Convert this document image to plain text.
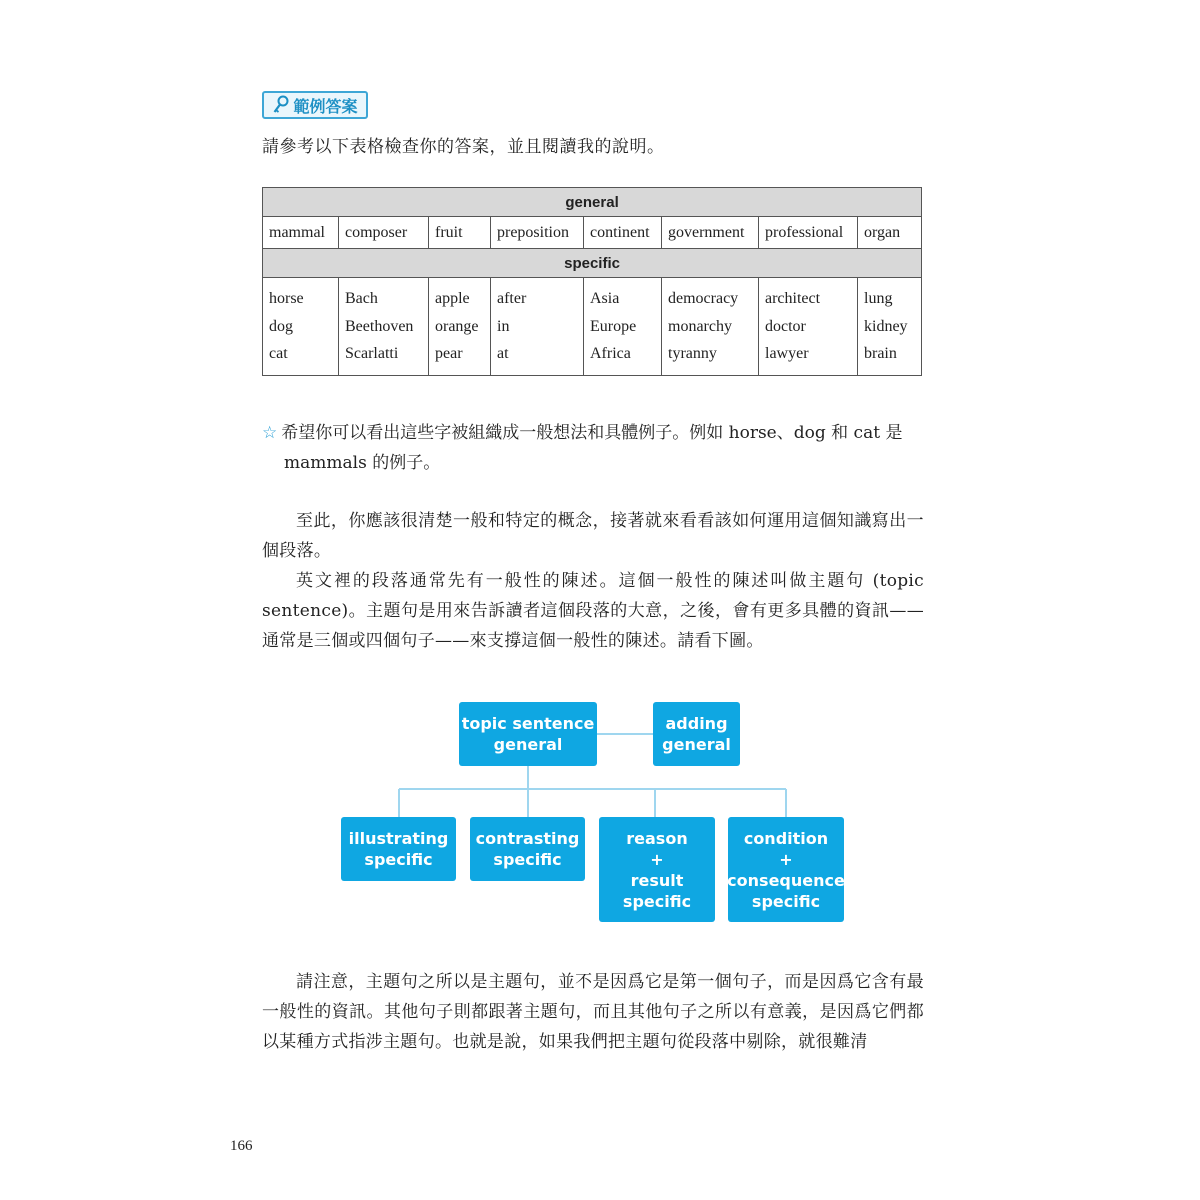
範例答案
請參考以下表格檢查你的答案，並且閱讀我的說明。
general							
mammal	composer	fruit	preposition	continent	government	professional	organ
specific							

horse
dog
cat	Bach
Beethoven
Scarlatti	apple
orange
pear	after
in
at	Asia
Europe
Africa	democracy
monarchy
tyranny	architect
doctor
lawyer	lung
kidney
brain
☆ 希望你可以看出這些字被組織成一般想法和具體例子。例如 horse、dog 和 cat 是
mammals 的例子。

至此，你應該很清楚一般和特定的概念，接著就來看看該如何運用這個知識寫出一個段落。

英文裡的段落通常先有一般性的陳述。這個一般性的陳述叫做主題句 (topic sentence)。主題句是用來告訴讀者這個段落的大意，之後，會有更多具體的資訊——通常是三個或四個句子——來支撐這個一般性的陳述。請看下圖。

topic sentence
general
adding
general
illustrating
specific
contrasting
specific
reason
+
result
specific
condition
+
consequence
specific

請注意，主題句之所以是主題句，並不是因爲它是第一個句子，而是因爲它含有最一般性的資訊。其他句子則都跟著主題句，而且其他句子之所以有意義，是因爲它們都以某種方式指涉主題句。也就是說，如果我們把主題句從段落中剔除，就很難清

166
